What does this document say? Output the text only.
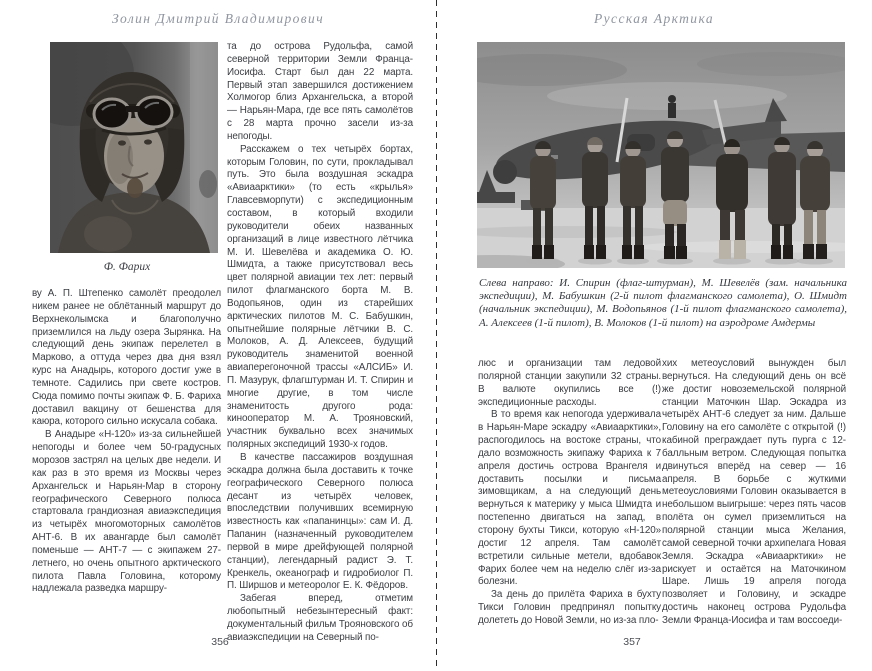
Золин Дмитрий Владимирович
Ф. Фарих

ву А. П. Штепенко самолёт преодолел никем ранее не облётанный маршрут до Верхнеколымска и благополучно приземлился на льду озера Зырянка. На следующий день экипаж перелетел в Марково, а оттуда через два дня взял курс на Анадырь, которого достиг уже в темноте. Садились при свете костров. Сюда помимо почты экипаж Ф. Б. Фариха доставил вакцину от бешенства для каюра, которого сильно искусала собака.

В Анадыре «Н-120» из-за сильнейшей непогоды и более чем 50-градусных морозов застрял на целых две недели. И как раз в это время из Москвы через Архангельск и Нарьян-Мар в сторону географического Северного полюса стартовала грандиозная авиаэкспедиция из четырёх многомоторных самолётов АНТ-6. В их авангарде был самолёт поменьше — АНТ-7 — с экипажем 27-летнего, но очень опытного арктического пилота Павла Головина, которому надлежала разведка маршру-

та до острова Рудольфа, самой северной территории Земли Франца-Иосифа. Старт был дан 22 марта. Первый этап завершился достижением Холмогор близ Архангельска, а второй — Нарьян-Мара, где все пять самолётов с 28 марта прочно засели из-за непогоды.

Расскажем о тех четырёх бортах, которым Головин, по сути, прокладывал путь. Это была воздушная эскадра «Авиаарктики» (то есть «крылья» Главсевморпути) с экспедиционным составом, в который входили руководители обеих названных организаций в лице известного лётчика М. И. Шевелёва и академика О. Ю. Шмидта, а также присутствовал весь цвет полярной авиации тех лет: первый пилот флагманского борта М. В. Водопьянов, один из старейших арктических пилотов М. С. Бабушкин, опытнейшие полярные лётчики В. С. Молоков, А. Д. Алексеев, будущий руководитель знаменитой военной авиаперегоночной трассы «АЛСИБ» И. П. Мазурук, флагштурман И. Т. Спирин и многие другие, в том числе знаменитость другого рода: кинооператор М. А. Трояновский, участник буквально всех значимых полярных экспедиций 1930-х годов.

В качестве пассажиров воздушная эскадра должна была доставить к точке географического Северного полюса десант из четырёх человек, впоследствии получивших всемирную известность как «папанинцы»: сам И. Д. Папанин (назначенный руководителем первой в мире дрейфующей полярной станции), легендарный радист Э. Т. Кренкель, океанограф и гидробиолог П. П. Ширшов и метеоролог Е. К. Фёдоров.

Забегая вперед, отметим любопытный небезынтересный факт: документальный фильм Трояновского об авиаэкспедиции на Северный по-

356
Русская Арктика
Слева направо: И. Спирин (флаг-штурман), М. Шевелёв (зам. начальника экспедиции), М. Бабушкин (2-й пилот флагманского самолета), О. Шмидт (начальник экспедиции), М. Водопьянов (1-й пилот флагманского самолета), А. Алексеев (1-й пилот), В. Молоков (1-й пилот) на аэродроме Амдермы

люс и организации там ледовой полярной станции закупили 32 страны. В валюте окупились все (!) экспедиционные расходы.

В то время как непогода удерживала в Нарьян-Маре эскадру «Авиаарктики», распогодилось на востоке страны, что дало возможность экипажу Фариха к 7 апреля достичь острова Врангеля и доставить посылки и письма зимовщикам, а на следующий день вернуться к материку у мыса Шмидта и постепенно двигаться на запад, в сторону бухты Тикси, которую «Н-120» достиг 12 апреля. Там самолёт встретили сильные метели, вдобавок Фарих более чем на неделю слёг из-за болезни.

За день до прилёта Фариха в бухту Тикси Головин предпринял попытку долететь до Новой Земли, но из-за пло-

хих метеоусловий вынужден был вернуться. На следующий день он всё же достиг новоземельской полярной станции Маточкин Шар. Эскадра из четырёх АНТ-6 следует за ним. Дальше Головину на его самолёте с открытой (!) кабиной преграждает путь пурга с 12-балльным ветром. Следующая попытка двинуться вперёд на север — 16 апреля. В борьбе с жуткими метеоусловиями Головин оказывается в небольшом выигрыше: через пять часов полёта он сумел приземлиться на полярной станции мыса Желания, самой северной точки архипелага Новая Земля. Эскадра «Авиаарктики» не рискует и остаётся на Маточкином Шаре. Лишь 19 апреля погода позволяет и Головину, и эскадре достичь наконец острова Рудольфа Земли Франца-Иосифа и там воссоеди-

357
